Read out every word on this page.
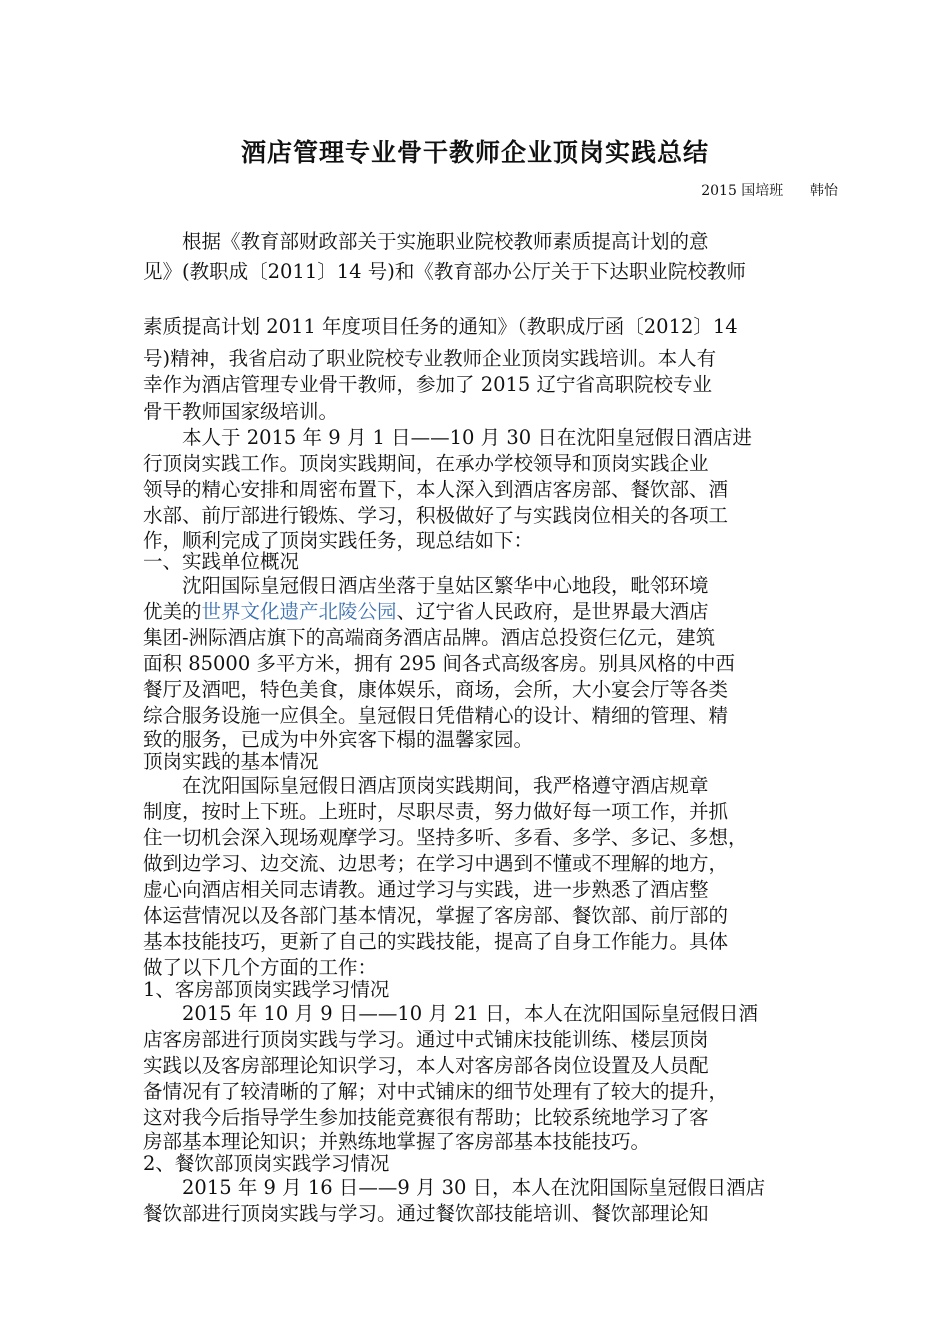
酒店管理专业骨干教师企业顶岗实践总结
2015 国培班      韩怡
　　根据《教育部财政部关于实施职业院校教师素质提高计划的意
见》(教职成〔2011〕14 号)和《教育部办公厅关于下达职业院校教师
素质提高计划 2011 年度项目任务的通知》（教职成厅函〔2012〕14
号)精神，我省启动了职业院校专业教师企业顶岗实践培训。本人有
幸作为酒店管理专业骨干教师，参加了 2015 辽宁省高职院校专业
骨干教师国家级培训。
　　本人于 2015 年 9 月 1 日——10 月 30 日在沈阳皇冠假日酒店进
行顶岗实践工作。顶岗实践期间，在承办学校领导和顶岗实践企业
领导的精心安排和周密布置下，本人深入到酒店客房部、餐饮部、酒
水部、前厅部进行锻炼、学习，积极做好了与实践岗位相关的各项工
作，顺利完成了顶岗实践任务，现总结如下：
一、实践单位概况
　　沈阳国际皇冠假日酒店坐落于皇姑区繁华中心地段，毗邻环境
优美的世界文化遗产北陵公园、辽宁省人民政府，是世界最大酒店
集团-洲际酒店旗下的高端商务酒店品牌。酒店总投资仨亿元，建筑
面积 85000 多平方米，拥有 295 间各式高级客房。别具风格的中西
餐厅及酒吧，特色美食，康体娱乐，商场，会所，大小宴会厅等各类
综合服务设施一应俱全。皇冠假日凭借精心的设计、精细的管理、精
致的服务，已成为中外宾客下榻的温馨家园。
顶岗实践的基本情况
　　在沈阳国际皇冠假日酒店顶岗实践期间，我严格遵守酒店规章
制度，按时上下班。上班时，尽职尽责，努力做好每一项工作，并抓
住一切机会深入现场观摩学习。坚持多听、多看、多学、多记、多想，
做到边学习、边交流、边思考；在学习中遇到不懂或不理解的地方，
虚心向酒店相关同志请教。通过学习与实践，进一步熟悉了酒店整
体运营情况以及各部门基本情况，掌握了客房部、餐饮部、前厅部的
基本技能技巧，更新了自己的实践技能，提高了自身工作能力。具体
做了以下几个方面的工作：
1、客房部顶岗实践学习情况
　　2015 年 10 月 9 日——10 月 21 日，本人在沈阳国际皇冠假日酒
店客房部进行顶岗实践与学习。通过中式铺床技能训练、楼层顶岗
实践以及客房部理论知识学习，本人对客房部各岗位设置及人员配
备情况有了较清晰的了解；对中式铺床的细节处理有了较大的提升，
这对我今后指导学生参加技能竞赛很有帮助；比较系统地学习了客
房部基本理论知识；并熟练地掌握了客房部基本技能技巧。
2、餐饮部顶岗实践学习情况
　　2015 年 9 月 16 日——9 月 30 日，本人在沈阳国际皇冠假日酒店
餐饮部进行顶岗实践与学习。通过餐饮部技能培训、餐饮部理论知
